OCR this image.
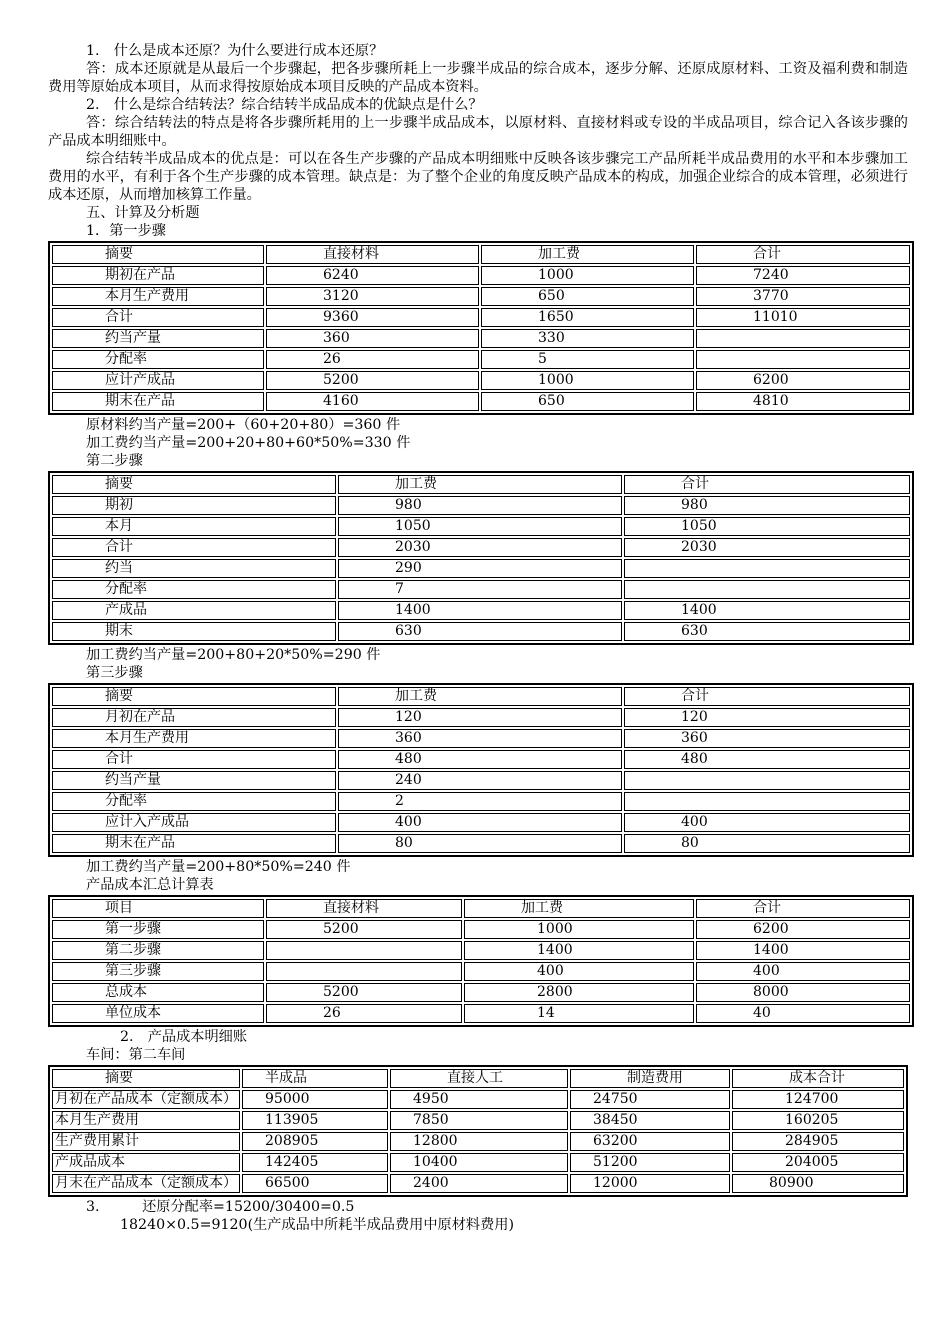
1.　什么是成本还原？为什么要进行成本还原？

答：成本还原就是从最后一个步骤起，把各步骤所耗上一步骤半成品的综合成本，逐步分解、还原成原材料、工资及福利费和制造费用等原始成本项目，从而求得按原始成本项目反映的产品成本资料。

2.　什么是综合结转法？综合结转半成品成本的优缺点是什么？

答：综合结转法的特点是将各步骤所耗用的上一步骤半成品成本，以原材料、直接材料或专设的半成品项目，综合记入各该步骤的产品成本明细账中。

综合结转半成品成本的优点是：可以在各生产步骤的产品成本明细账中反映各该步骤完工产品所耗半成品费用的水平和本步骤加工费用的水平，有利于各个生产步骤的成本管理。缺点是：为了整个企业的角度反映产品成本的构成，加强企业综合的成本管理，必须进行成本还原，从而增加核算工作量。

五、计算及分析题

1．第一步骤

摘要	直接材料	加工费	合计
期初在产品	6240	1000	7240
本月生产费用	3120	650	3770
合计	9360	1650	11010
约当产量	360	330	
分配率	26	5	
应计产成品	5200	1000	6200
期末在产品	4160	650	4810

原材料约当产量=200+（60+20+80）=360 件

加工费约当产量=200+20+80+60*50%=330 件

第二步骤

摘要	加工费	合计
期初	980	980
本月	1050	1050
合计	2030	2030
约当	290	
分配率	7	
产成品	1400	1400
期末	630	630

加工费约当产量=200+80+20*50%=290 件

第三步骤

摘要	加工费	合计
月初在产品	120	120
本月生产费用	360	360
合计	480	480
约当产量	240	
分配率	2	
应计入产成品	400	400
期末在产品	80	80

加工费约当产量=200+80*50%=240 件

产品成本汇总计算表

项目	直接材料	加工费	合计
第一步骤	5200	1000	6200
第二步骤		1400	1400
第三步骤		400	400
总成本	5200	2800	8000
单位成本	26	14	40

2.　产品成本明细账

车间：第二车间

摘要	半成品	直接人工	制造费用	成本合计
月初在产品成本（定额成本）	95000	4950	24750	124700
本月生产费用	113905	7850	38450	160205
生产费用累计	208905	12800	63200	284905
产成品成本	142405	10400	51200	204005
月末在产品成本（定额成本）	66500	2400	12000	80900

3.　　　还原分配率=15200/30400=0.5

18240×0.5=9120(生产成品中所耗半成品费用中原材料费用)
